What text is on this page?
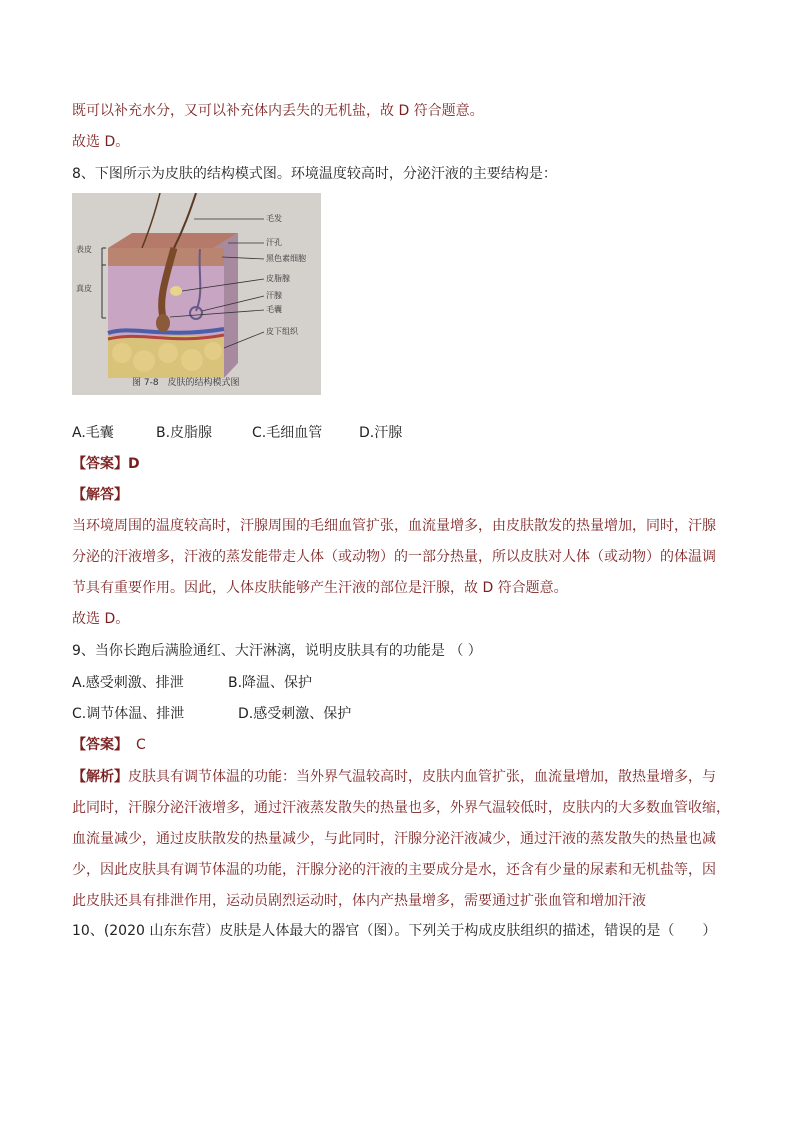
既可以补充水分，又可以补充体内丢失的无机盐，故 D 符合题意。
故选 D。
8、下图所示为皮肤的结构模式图。环境温度较高时，分泌汗液的主要结构是：
表皮
真皮
毛发
汗孔
黑色素细胞
皮脂腺
汗腺
毛囊
皮下组织
图 7-8　皮肤的结构模式图
A.毛囊	B.皮脂腺	C.毛细血管	D.汗腺
【答案】D
【解答】
当环境周围的温度较高时，汗腺周围的毛细血管扩张，血流量增多，由皮肤散发的热量增加，同时，汗腺
分泌的汗液增多，汗液的蒸发能带走人体（或动物）的一部分热量，所以皮肤对人体（或动物）的体温调
节具有重要作用。因此，人体皮肤能够产生汗液的部位是汗腺，故 D 符合题意。
故选 D。
9、当你长跑后满脸通红、大汗淋漓，说明皮肤具有的功能是 （ ）
A.感受刺激、排泄	B.降温、保护
C.调节体温、排泄	D.感受刺激、保护
【答案】 C
【解析】皮肤具有调节体温的功能：当外界气温较高时，皮肤内血管扩张，血流量增加，散热量增多，与
此同时，汗腺分泌汗液增多，通过汗液蒸发散失的热量也多，外界气温较低时，皮肤内的大多数血管收缩，
血流量减少，通过皮肤散发的热量减少，与此同时，汗腺分泌汗液减少，通过汗液的蒸发散失的热量也减
少，因此皮肤具有调节体温的功能，汗腺分泌的汗液的主要成分是水，还含有少量的尿素和无机盐等，因
此皮肤还具有排泄作用，运动员剧烈运动时，体内产热量增多，需要通过扩张血管和增加汗液
10、(2020 山东东营）皮肤是人体最大的器官（图）。下列关于构成皮肤组织的描述，错误的是（　　）
